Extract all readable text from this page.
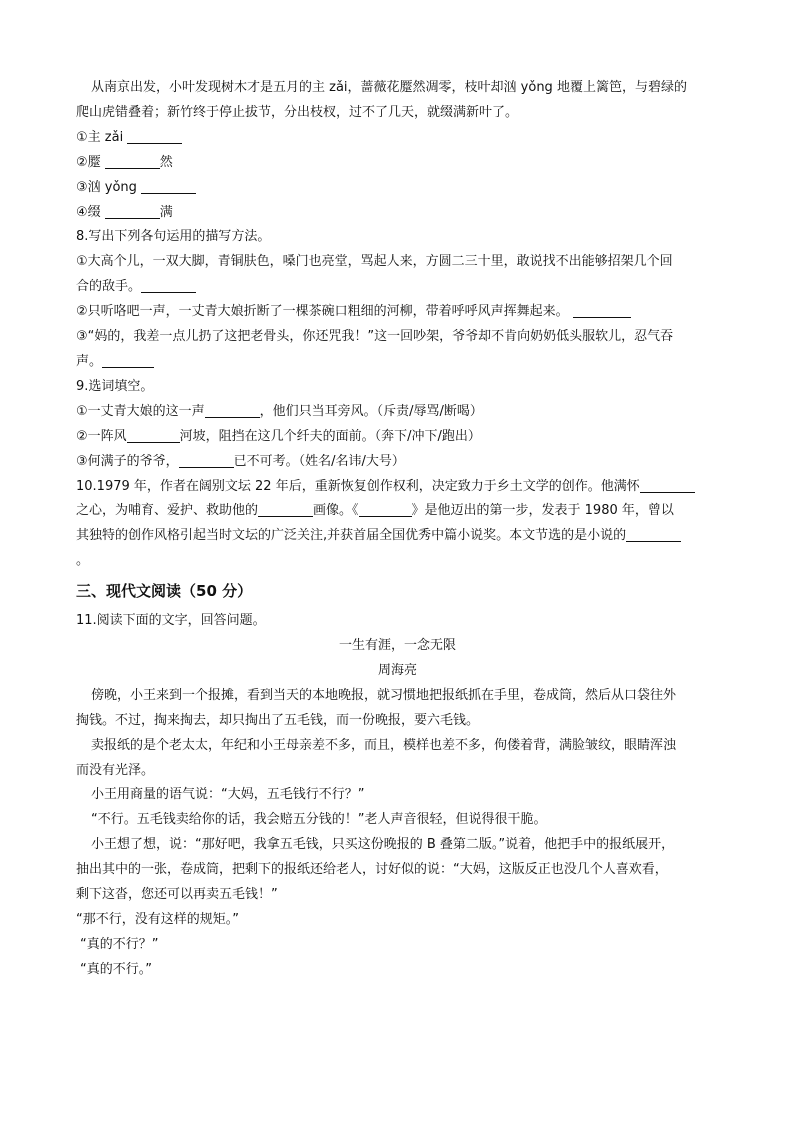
从南京出发，小叶发现树木才是五月的主 zǎi，蔷薇花蹷然凋零，枝叶却汹 yǒng 地覆上篱笆，与碧绿的
爬山虎错叠着；新竹终于停止拔节，分出枝杈，过不了几天，就缀满新叶了。
①主 zǎi
②蹷	然
③汹 yǒng
④缀	满
8.写出下列各句运用的描写方法。
①大高个儿，一双大脚，青铜肤色，嗓门也亮堂，骂起人来，方圆二三十里，敢说找不出能够招架几个回
合的敌手。
②只听咯吧一声，一丈青大娘折断了一棵茶碗口粗细的河柳，带着呼呼风声挥舞起来。
③“妈的，我差一点儿扔了这把老骨头，你还咒我！”这一回吵架，爷爷却不肯向奶奶低头服软儿，忍气吞
声。
9.选词填空。
①一丈青大娘的这一声	，他们只当耳旁风。（斥责/辱骂/断喝）
②一阵风	河坡，阻挡在这几个纤夫的面前。（奔下/冲下/跑出）
③何满子的爷爷，	已不可考。（姓名/名讳/大号）
10.1979 年，作者在阔别文坛 22 年后，重新恢复创作权利，决定致力于乡土文学的创作。他满怀
之心，为哺育、爱护、救助他的	画像。《	》是他迈出的第一步，发表于 1980 年，曾以
其独特的创作风格引起当时文坛的广泛关注,并获首届全国优秀中篇小说奖。本文节选的是小说的
。
三、现代文阅读（50 分）
11.阅读下面的文字，回答问题。
一生有涯，一念无限
周海亮
傍晚，小王来到一个报摊，看到当天的本地晚报，就习惯地把报纸抓在手里，卷成筒，然后从口袋往外
掏钱。不过，掏来掏去，却只掏出了五毛钱，而一份晚报，要六毛钱。
卖报纸的是个老太太，年纪和小王母亲差不多，而且，模样也差不多，佝偻着背，满脸皱纹，眼睛浑浊
而没有光泽。
小王用商量的语气说：“大妈，五毛钱行不行？”
“不行。五毛钱卖给你的话，我会赔五分钱的！”老人声音很轻，但说得很干脆。
小王想了想，说：“那好吧，我拿五毛钱，只买这份晚报的 B 叠第二版。”说着，他把手中的报纸展开，
抽出其中的一张，卷成筒，把剩下的报纸还给老人，讨好似的说：“大妈，这版反正也没几个人喜欢看，
剩下这沓，您还可以再卖五毛钱！”
“那不行，没有这样的规矩。”
“真的不行？”
“真的不行。”
